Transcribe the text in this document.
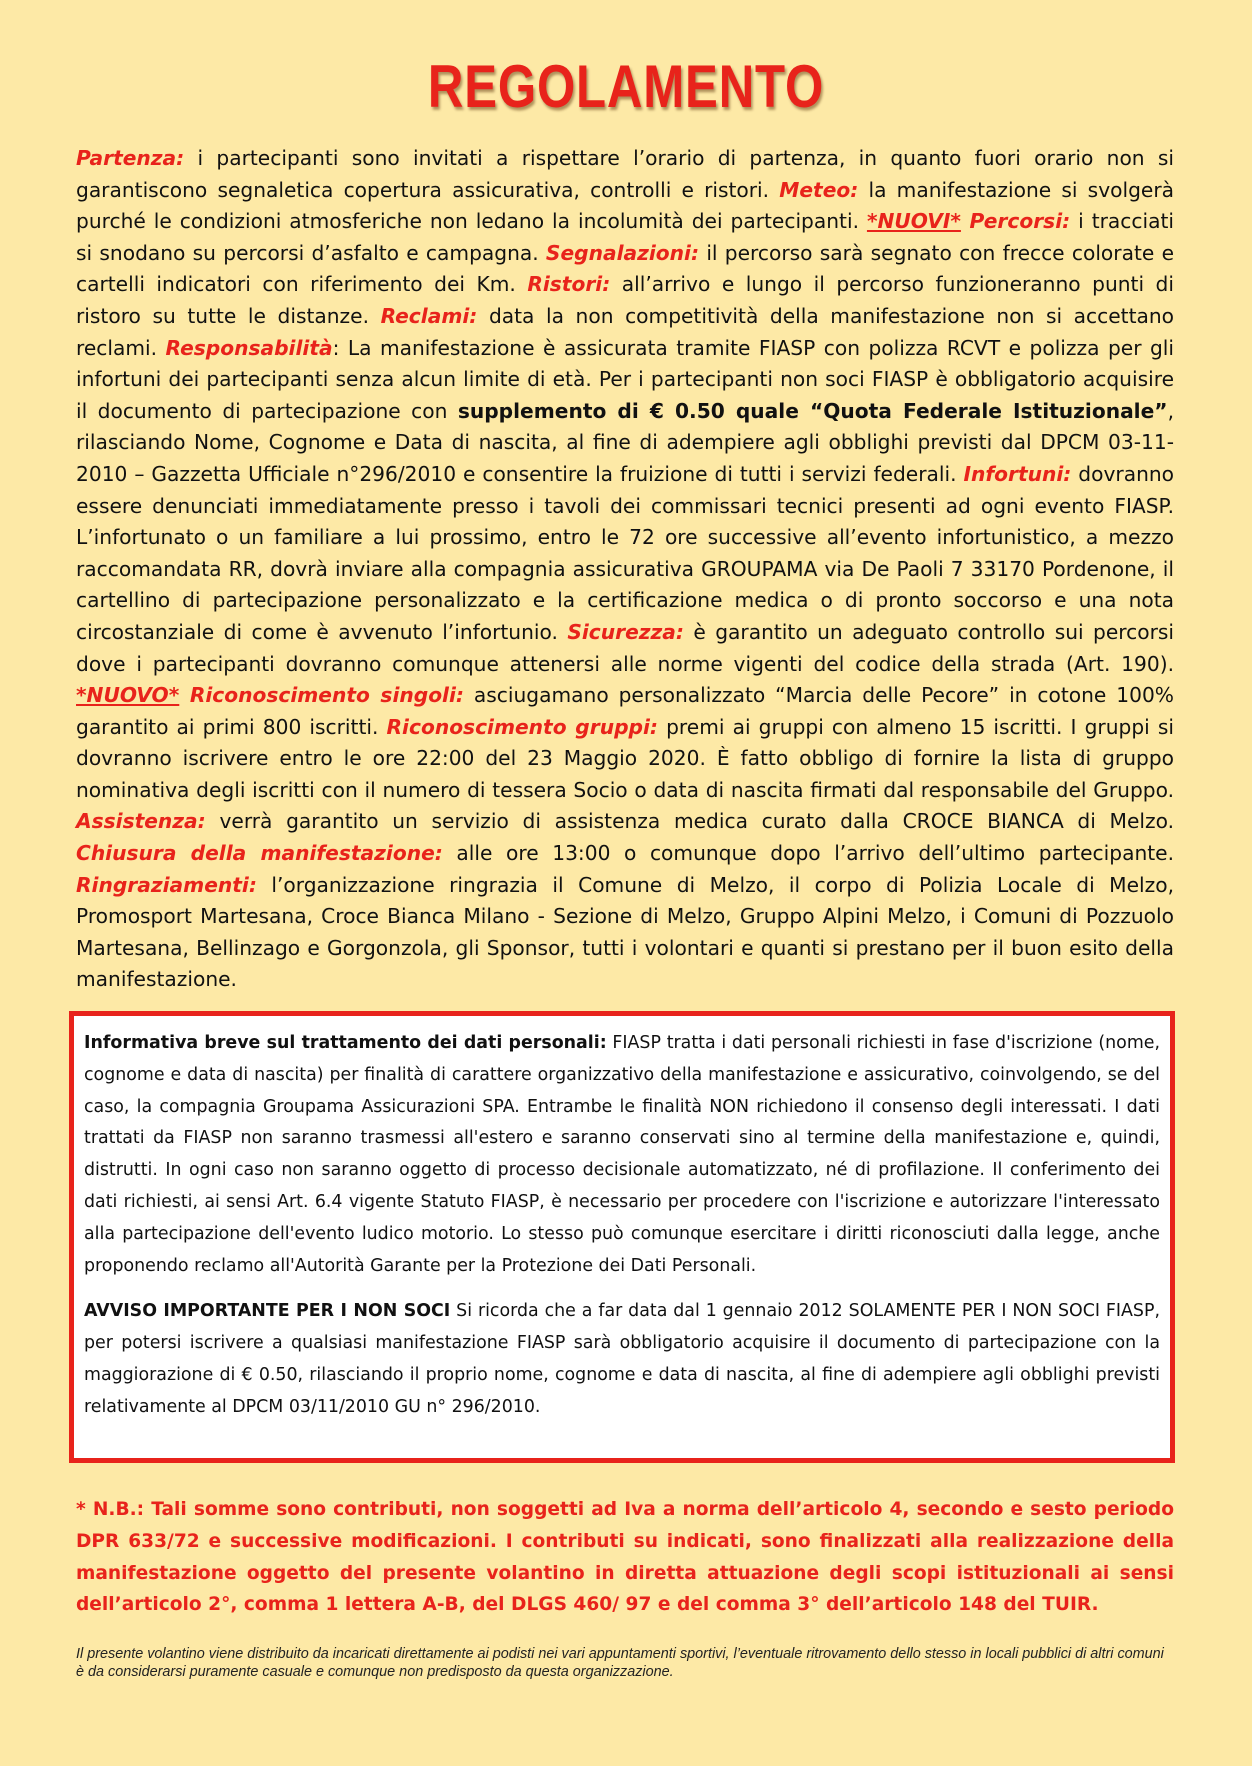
REGOLAMENTO
Partenza: i partecipanti sono invitati a rispettare l’orario di partenza, in quanto fuori orario non si garantiscono segnaletica copertura assicurativa, controlli e ristori. Meteo: la manifestazione si svolgerà purché le condizioni atmosferiche non ledano la incolumità dei partecipanti. *NUOVI* Percorsi: i tracciati si snodano su percorsi d’asfalto e campagna. Segnalazioni: il percorso sarà segnato con frecce colorate e cartelli indicatori con riferimento dei Km. Ristori: all’arrivo e lungo il percorso funzioneranno punti di ristoro su tutte le distanze. Reclami: data la non competitività della manifestazione non si accettano reclami. Responsabilità: La manifestazione è assicurata tramite FIASP con polizza RCVT e polizza per gli infortuni dei partecipanti senza alcun limite di età. Per i partecipanti non soci FIASP è obbligatorio acquisire il documento di partecipazione con supplemento di € 0.50 quale “Quota Federale Istituzionale”, rilasciando Nome, Cognome e Data di nascita, al fine di adempiere agli obblighi previsti dal DPCM 03-11-2010 – Gazzetta Ufficiale n°296/2010 e consentire la fruizione di tutti i servizi federali. Infortuni: dovranno essere denunciati immediatamente presso i tavoli dei commissari tecnici presenti ad ogni evento FIASP. L’infortunato o un familiare a lui prossimo, entro le 72 ore successive all’evento infortunistico, a mezzo raccomandata RR, dovrà inviare alla compagnia assicurativa GROUPAMA via De Paoli 7 33170 Pordenone, il cartellino di partecipazione personalizzato e la certificazione medica o di pronto soccorso e una nota circostanziale di come è avvenuto l’infortunio. Sicurezza: è garantito un adeguato controllo sui percorsi dove i partecipanti dovranno comunque attenersi alle norme vigenti del codice della strada (Art. 190). *NUOVO* Riconoscimento singoli: asciugamano personalizzato “Marcia delle Pecore” in cotone 100% garantito ai primi 800 iscritti. Riconoscimento gruppi: premi ai gruppi con almeno 15 iscritti. I gruppi si dovranno iscrivere entro le ore 22:00 del 23 Maggio 2020. È fatto obbligo di fornire la lista di gruppo nominativa degli iscritti con il numero di tessera Socio o data di nascita firmati dal responsabile del Gruppo. Assistenza: verrà garantito un servizio di assistenza medica curato dalla CROCE BIANCA di Melzo. Chiusura della manifestazione: alle ore 13:00 o comunque dopo l’arrivo dell’ultimo partecipante. Ringraziamenti: l’organizzazione ringrazia il Comune di Melzo, il corpo di Polizia Locale di Melzo, Promosport Martesana, Croce Bianca Milano - Sezione di Melzo, Gruppo Alpini Melzo, i Comuni di Pozzuolo Martesana, Bellinzago e Gorgonzola, gli Sponsor, tutti i volontari e quanti si prestano per il buon esito della manifestazione.

Informativa breve sul trattamento dei dati personali: FIASP tratta i dati personali richiesti in fase d'iscrizione (nome, cognome e data di nascita) per finalità di carattere organizzativo della manifestazione e assicurativo, coinvolgendo, se del caso, la compagnia Groupama Assicurazioni SPA. Entrambe le finalità NON richiedono il consenso degli interessati. I dati trattati da FIASP non saranno trasmessi all'estero e saranno conservati sino al termine della manifestazione e, quindi, distrutti. In ogni caso non saranno oggetto di processo decisionale automatizzato, né di profilazione. Il conferimento dei dati richiesti, ai sensi Art. 6.4 vigente Statuto FIASP, è necessario per procedere con l'iscrizione e autorizzare l'interessato alla partecipazione dell'evento ludico motorio. Lo stesso può comunque esercitare i diritti riconosciuti dalla legge, anche proponendo reclamo all'Autorità Garante per la Protezione dei Dati Personali.

AVVISO IMPORTANTE PER I NON SOCI Si ricorda che a far data dal 1 gennaio 2012 SOLAMENTE PER I NON SOCI FIASP, per potersi iscrivere a qualsiasi manifestazione FIASP sarà obbligatorio acquisire il documento di partecipazione con la maggiorazione di € 0.50, rilasciando il proprio nome, cognome e data di nascita, al fine di adempiere agli obblighi previsti relativamente al DPCM 03/11/2010 GU n° 296/2010.

* N.B.: Tali somme sono contributi, non soggetti ad Iva a norma dell’articolo 4, secondo e sesto periodo DPR 633/72 e successive modificazioni. I contributi su indicati, sono finalizzati alla realizzazione della manifestazione oggetto del presente volantino in diretta attuazione degli scopi istituzionali ai sensi dell’articolo 2°, comma 1 lettera A-B, del DLGS 460/ 97 e del comma 3° dell’articolo 148 del TUIR.
Il presente volantino viene distribuito da incaricati direttamente ai podisti nei vari appuntamenti sportivi, l’eventuale ritrovamento dello stesso in locali pubblici di altri comuni è da considerarsi puramente casuale e comunque non predisposto da questa organizzazione.
